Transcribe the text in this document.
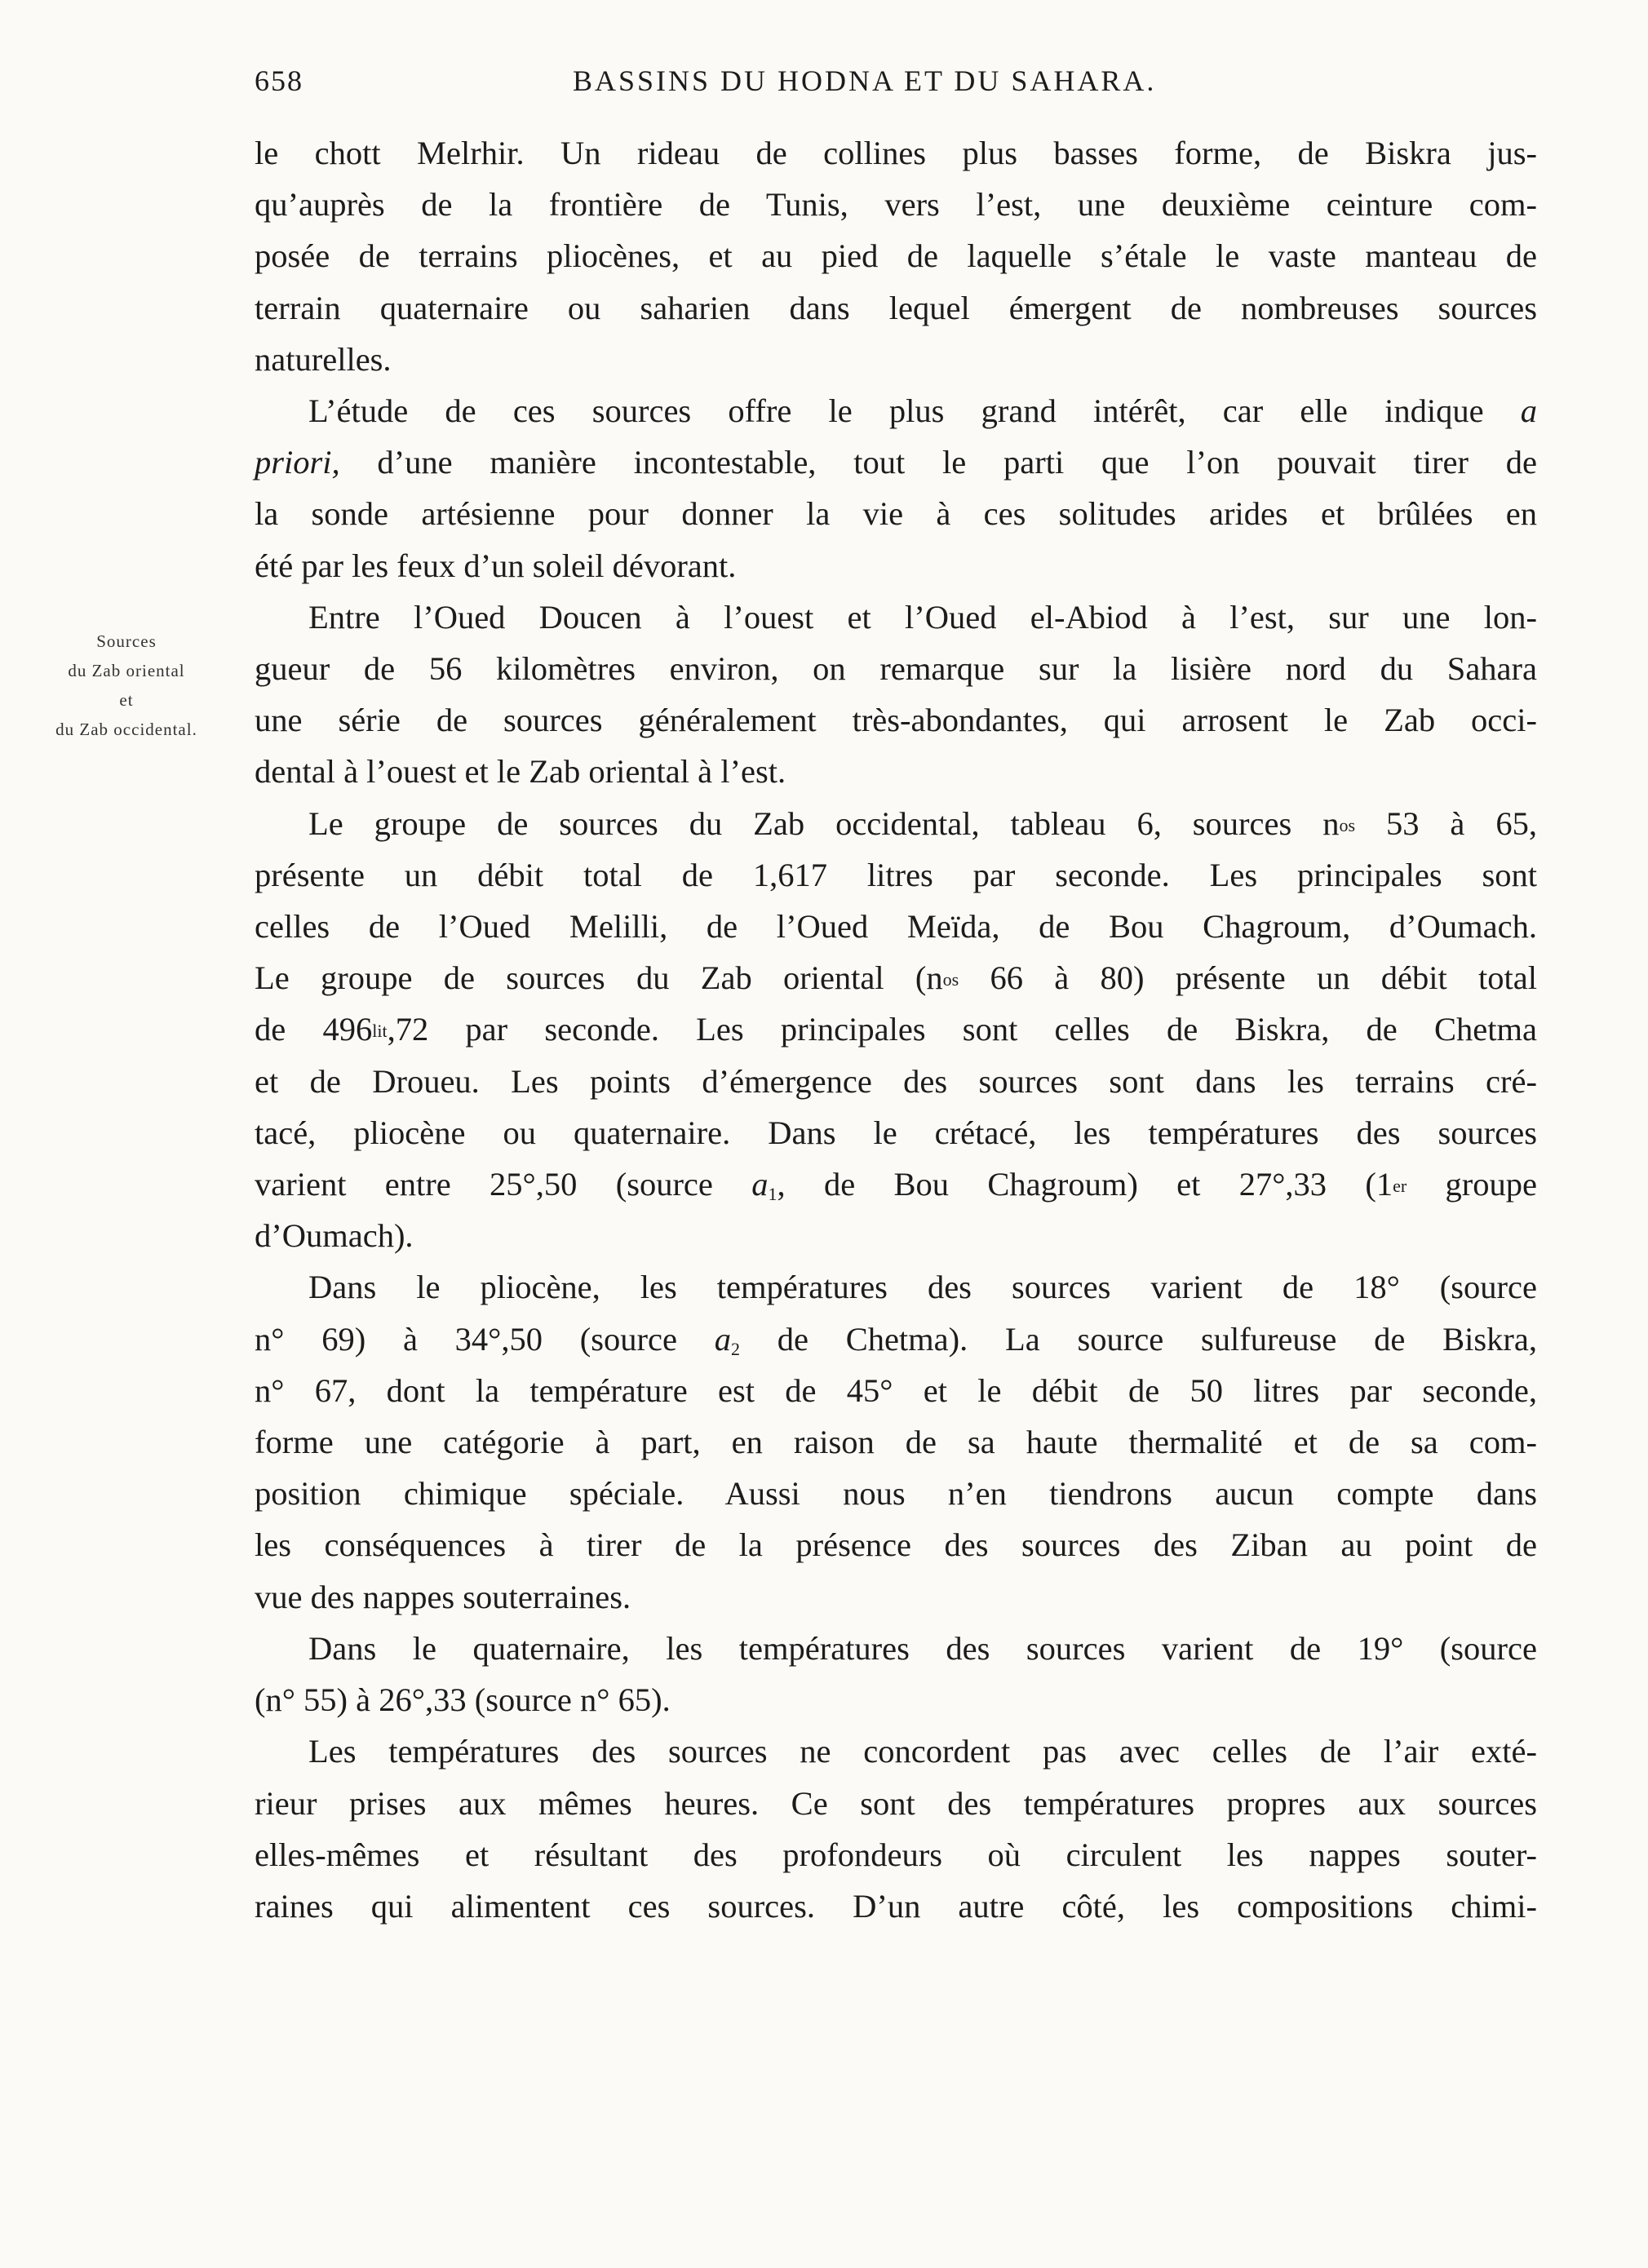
658	BASSINS DU HODNA ET DU SAHARA.
Sources
du Zab oriental
et
du Zab occidental.

le chott Melrhir. Un rideau de collines plus basses forme, de Biskra jus-

qu’auprès de la frontière de Tunis, vers l’est, une deuxième ceinture com-

posée de terrains pliocènes, et au pied de laquelle s’étale le vaste manteau de

terrain quaternaire ou saharien dans lequel émergent de nombreuses sources

naturelles.

L’étude de ces sources offre le plus grand intérêt, car elle indique a

priori, d’une manière incontestable, tout le parti que l’on pouvait tirer de

la sonde artésienne pour donner la vie à ces solitudes arides et brûlées en

été par les feux d’un soleil dévorant.

Entre l’Oued Doucen à l’ouest et l’Oued el-Abiod à l’est, sur une lon-

gueur de 56 kilomètres environ, on remarque sur la lisière nord du Sahara

une série de sources généralement très-abondantes, qui arrosent le Zab occi-

dental à l’ouest et le Zab oriental à l’est.

Le groupe de sources du Zab occidental, tableau 6, sources $n^{os}$ 53 à 65,

présente un débit total de 1,617 litres par seconde. Les principales sont

celles de l’Oued Melilli, de l’Oued Meïda, de Bou Chagroum, d’Oumach.

Le groupe de sources du Zab oriental ($n^{os}$ 66 à 80) présente un débit total

de $496^{lit},72$ par seconde. Les principales sont celles de Biskra, de Chetma

et de Droueu. Les points d’émergence des sources sont dans les terrains cré-

tacé, pliocène ou quaternaire. Dans le crétacé, les températures des sources

varient entre 25°,50 (source $a_1$, de Bou Chagroum) et 27°,33 (1er groupe

d’Oumach).

Dans le pliocène, les températures des sources varient de 18° (source

n° 69) à 34°,50 (source $a_2$ de Chetma). La source sulfureuse de Biskra,

n° 67, dont la température est de 45° et le débit de 50 litres par seconde,

forme une catégorie à part, en raison de sa haute thermalité et de sa com-

position chimique spéciale. Aussi nous n’en tiendrons aucun compte dans

les conséquences à tirer de la présence des sources des Ziban au point de

vue des nappes souterraines.

Dans le quaternaire, les températures des sources varient de 19° (source

(n° 55) à 26°,33 (source n° 65).

Les températures des sources ne concordent pas avec celles de l’air exté-

rieur prises aux mêmes heures. Ce sont des températures propres aux sources

elles-mêmes et résultant des profondeurs où circulent les nappes souter-

raines qui alimentent ces sources. D’un autre côté, les compositions chimi-
